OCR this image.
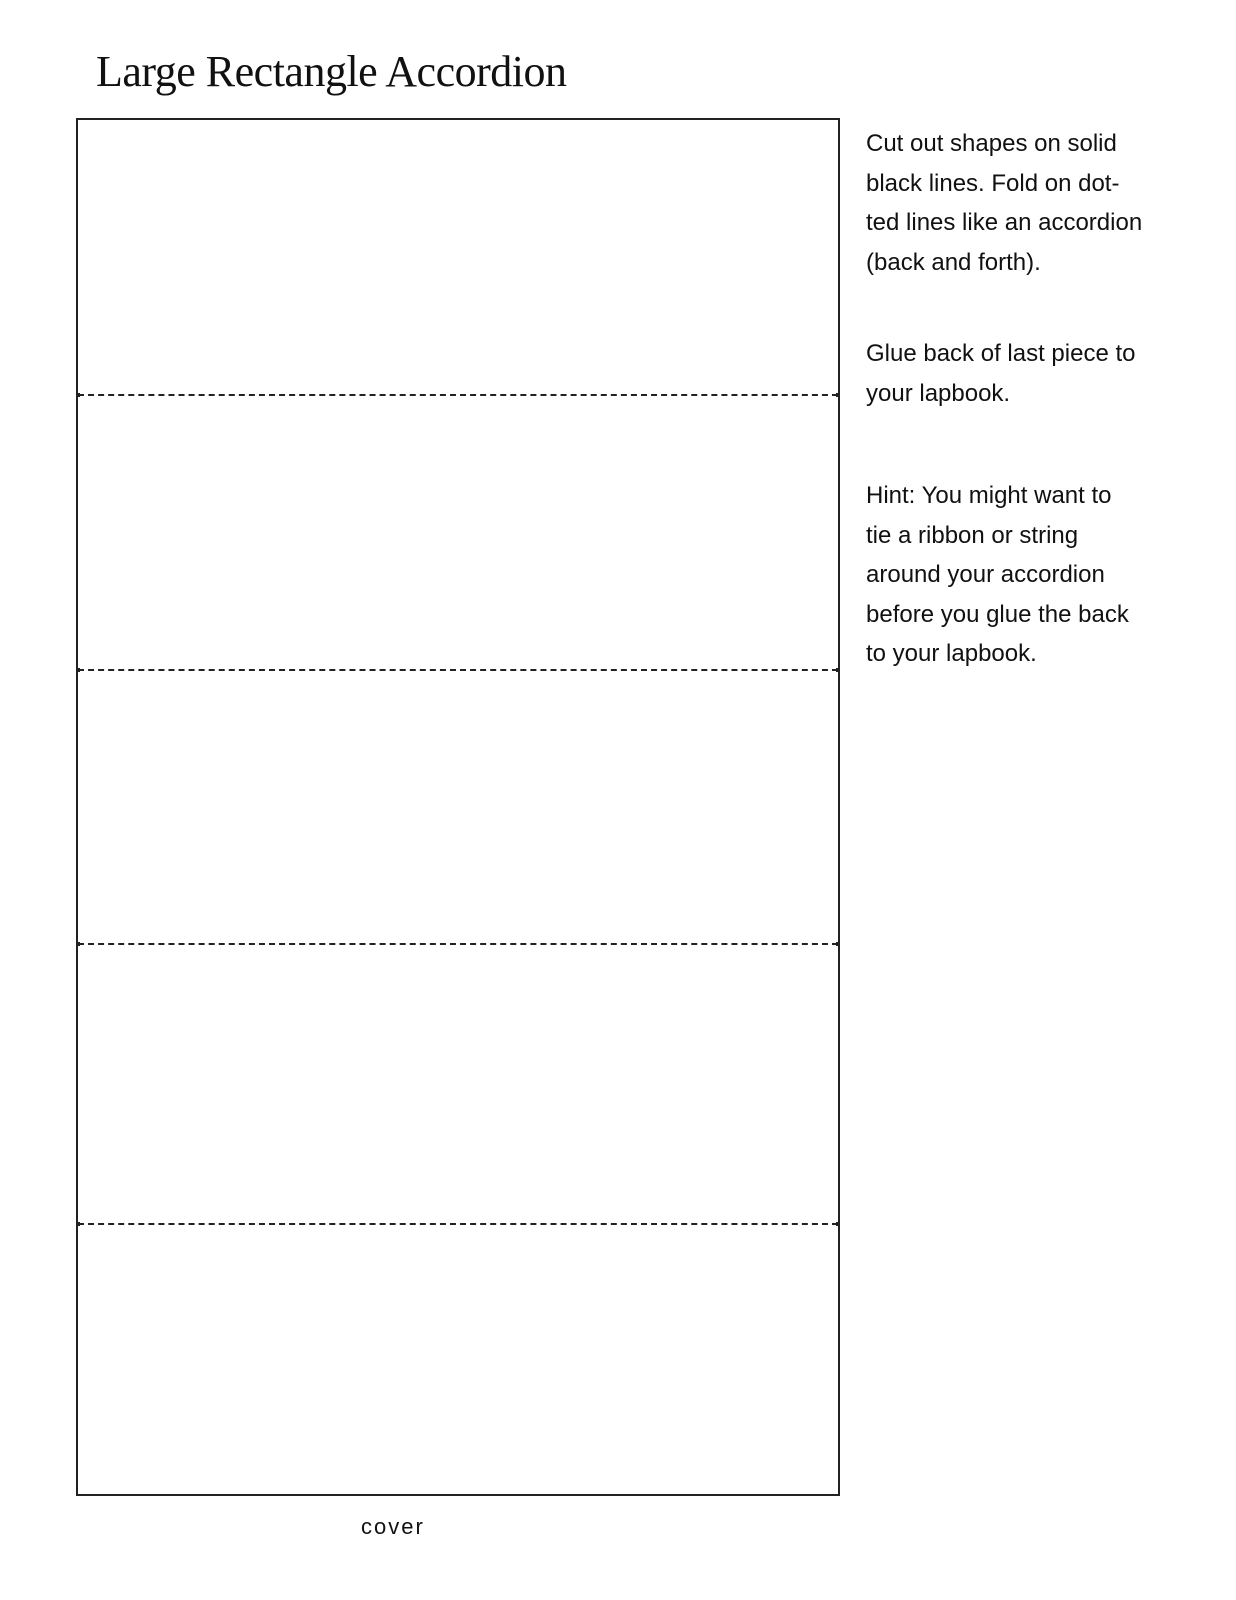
Large Rectangle Accordion

Cut out shapes on solid
black lines. Fold on dot-
ted lines like an accordion
(back and forth).

Glue back of last piece to
your lapbook.

Hint: You might want to
tie a ribbon or string
around your accordion
before you glue the back
to your lapbook.

cover
